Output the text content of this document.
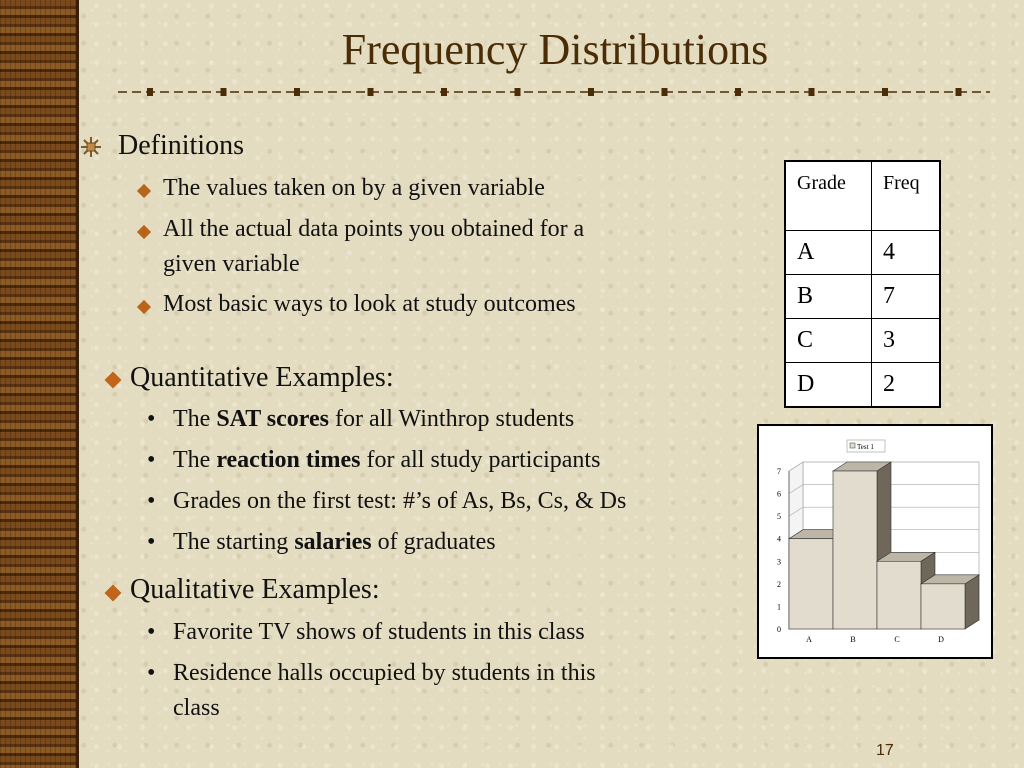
Frequency Distributions
Definitions
The values taken on by a given variable
All the actual data points you obtained for a
given variable
Most basic ways to look at study outcomes
Quantitative Examples:
• The SAT scores for all Winthrop students
• The reaction times for all study participants
• Grades on the first test: #’s of As, Bs, Cs, & Ds
• The starting salaries of graduates
Qualitative Examples:
• Favorite TV shows of students in this class
• Residence halls occupied by students in this
class
Grade	Freq
A	4
B	7
C	3
D	2
0
1
2
3
4
5
6
7
A	B	C	D
Test 1
17
